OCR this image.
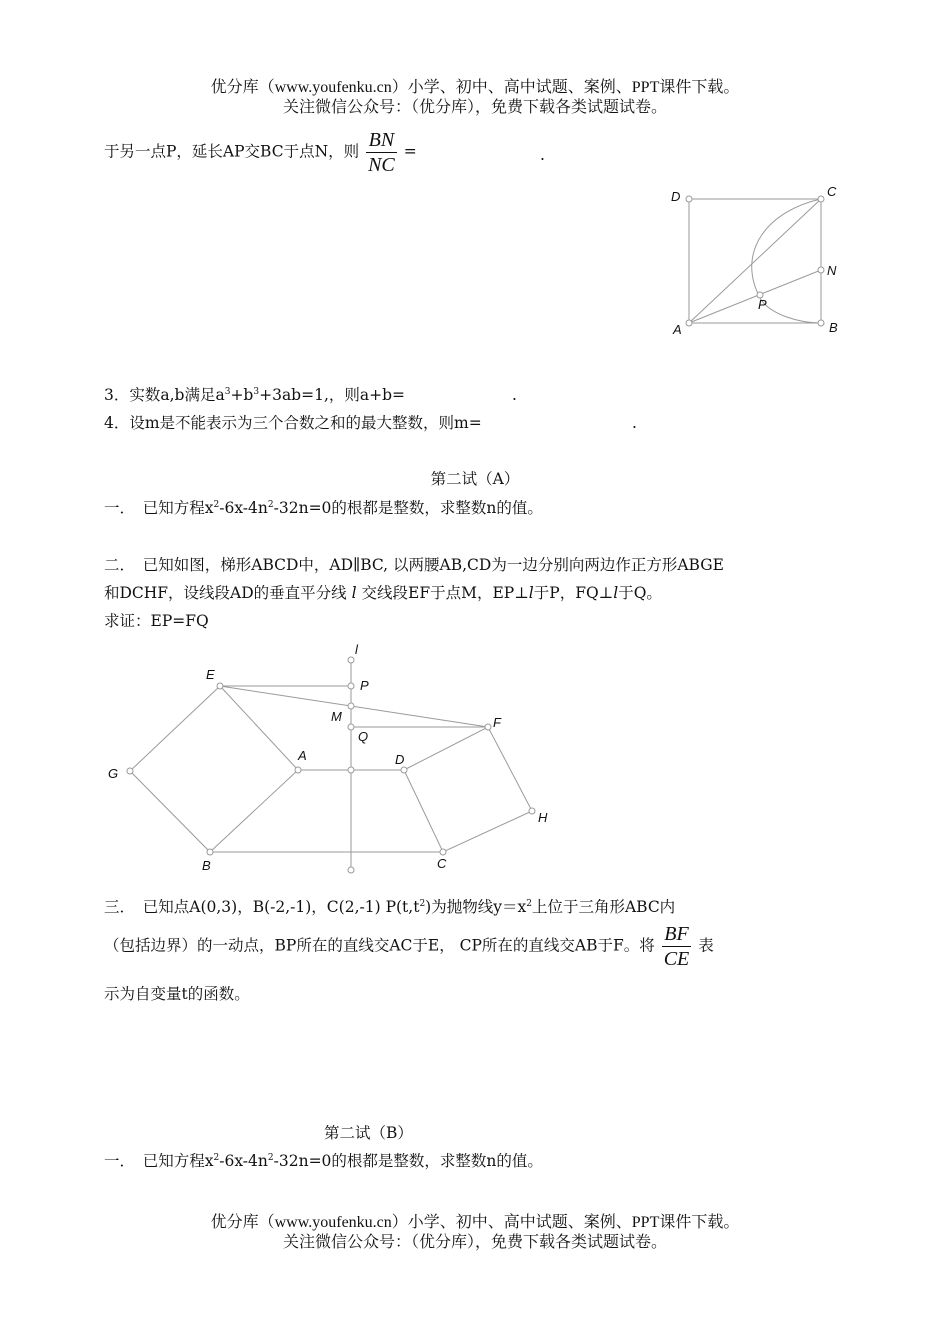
优分库（www.youfenku.cn）小学、初中、高中试题、案例、PPT课件下载。
关注微信公众号：（优分库），免费下载各类试题试卷。
于另一点P，延长AP交BC于点N，则 $\frac{BN}{NC}$ =	.
D	C
N
P
A	B
3．实数a,b满足$a^3+b^3+3ab=1$,，则a+b=	.
4．设m是不能表示为三个合数之和的最大整数，则m=	.
第二试（A）
一．　已知方程$x^2-6x-4n^2-32n=0$的根都是整数，求整数n的值。
二．　已知如图，梯形ABCD中，AD∥BC, 以两腰AB,CD为一边分别向两边作正方形ABGE
和DCHF，设线段AD的垂直平分线 l 交线段EF于点M，EP⊥l于P，FQ⊥l于Q。
求证：EP=FQ
l
E
P
M
Q
F
A	D
G
H
B	C
三．　已知点A(0,3)，B(-2,-1)，C(2,-1) $P(t,t^2)$为抛物线$y=x^2$上位于三角形ABC内
（包括边界）的一动点，BP所在的直线交AC于E， CP所在的直线交AB于F。将 $\frac{BF}{CE}$ 表
示为自变量t的函数。
第二试（B）
一．　已知方程$x^2-6x-4n^2-32n=0$的根都是整数，求整数n的值。
优分库（www.youfenku.cn）小学、初中、高中试题、案例、PPT课件下载。
关注微信公众号：（优分库），免费下载各类试题试卷。
